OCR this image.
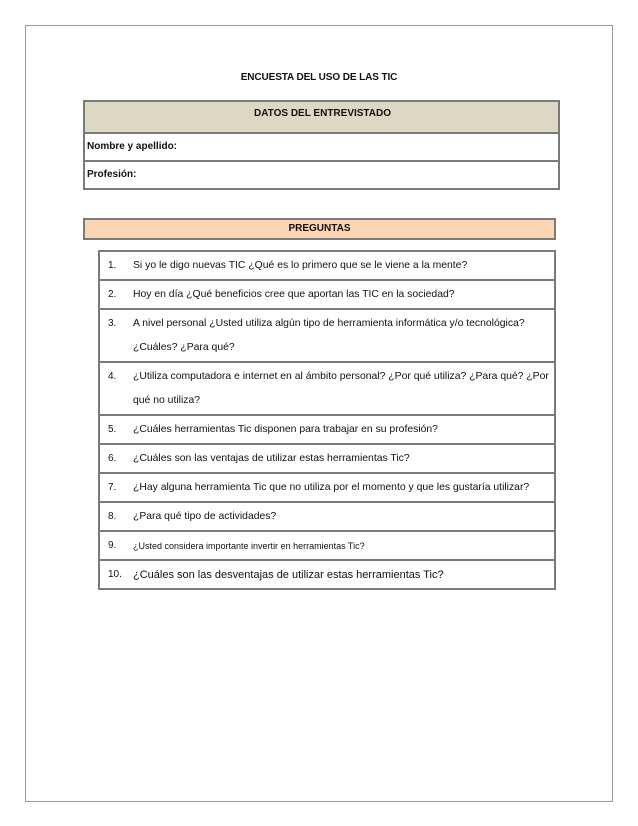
ENCUESTA DEL USO DE LAS TIC
DATOS DEL ENTREVISTADO
Nombre y apellido:
Profesión:
PREGUNTAS
1.	Si yo le digo nuevas TIC ¿Qué es lo primero que se le viene a la mente?
2.	Hoy en día ¿Qué beneficios cree que aportan las TIC en la sociedad?
3.	A nivel personal ¿Usted utiliza algún tipo de herramienta informática y/o tecnológica? ¿Cuáles? ¿Para qué?
4.	¿Utiliza computadora e internet en al ámbito personal? ¿Por qué utiliza? ¿Para qué? ¿Por qué no utiliza?
5.	¿Cuáles herramientas Tic disponen para trabajar en su profesión?
6.	¿Cuáles son las ventajas de utilizar estas herramientas Tic?
7.	¿Hay alguna herramienta Tic que no utiliza por el momento y que les gustaría utilizar?
8.	¿Para qué tipo de actividades?
9.	¿Usted considera importante invertir en herramientas Tic?
10.	¿Cuáles son las desventajas de utilizar estas herramientas Tic?
